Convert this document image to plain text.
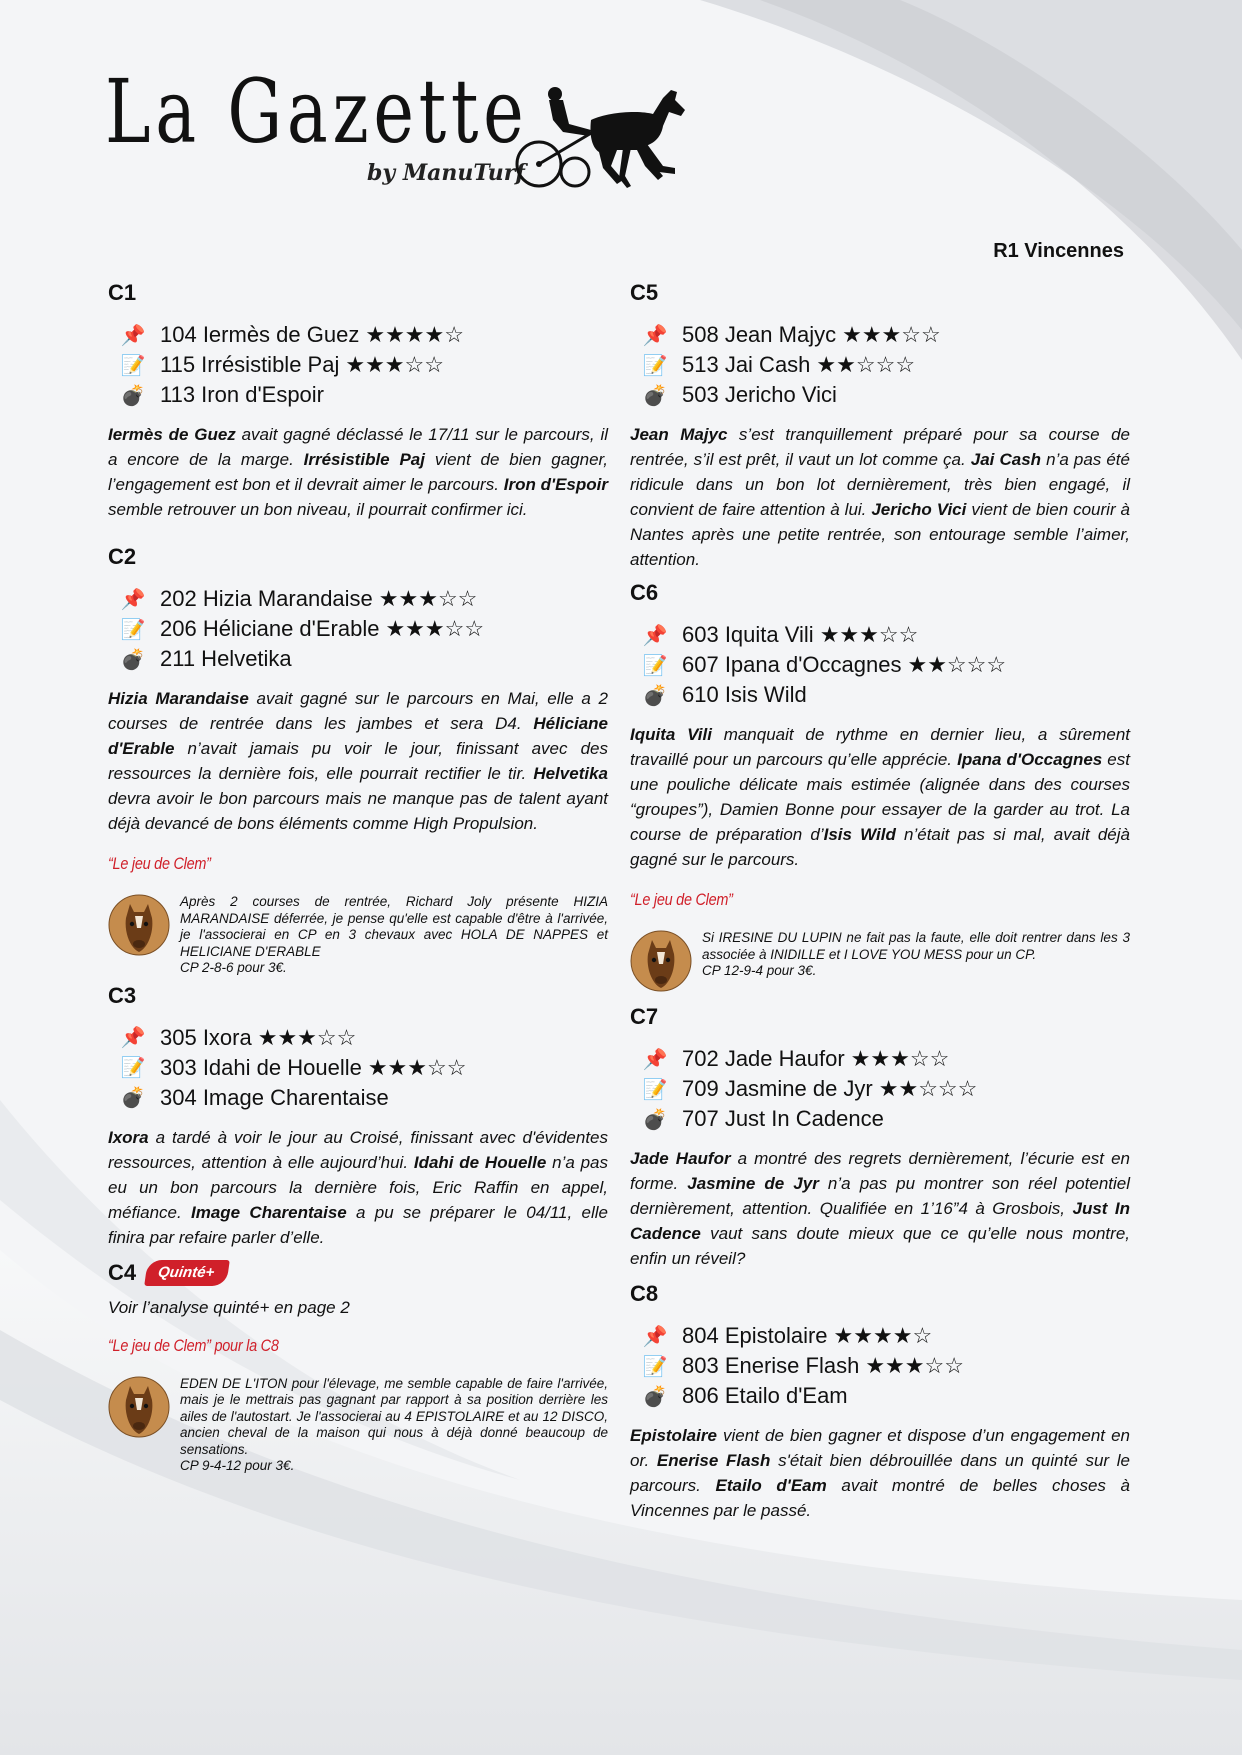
La Gazette
by ManuTurf
R1 Vincennes
C1
📌 104 Iermès de Guez ★★★★☆
📝 115 Irrésistible Paj ★★★☆☆
💣 113 Iron d'Espoir

Iermès de Guez avait gagné déclassé le 17/11 sur le parcours, il a encore de la marge. Irrésistible Paj vient de bien gagner, l’engagement est bon et il devrait aimer le parcours. Iron d'Espoir semble retrouver un bon niveau, il pourrait confirmer ici.

C2
📌 202 Hizia Marandaise ★★★☆☆
📝 206 Héliciane d'Erable ★★★☆☆
💣 211 Helvetika

Hizia Marandaise avait gagné sur le parcours en Mai, elle a 2 courses de rentrée dans les jambes et sera D4. Héliciane d'Erable n’avait jamais pu voir le jour, finissant avec des ressources la dernière fois, elle pourrait rectifier le tir. Helvetika devra avoir le bon parcours mais ne manque pas de talent ayant déjà devancé de bons éléments comme High Propulsion.

“Le jeu de Clem”
Après 2 courses de rentrée, Richard Joly présente HIZIA MARANDAISE déferrée, je pense qu'elle est capable d'être à l'arrivée, je l'associerai en CP en 3 chevaux avec HOLA DE NAPPES et HELICIANE D'ERABLE
CP 2-8-6 pour 3€.
C3
📌 305 Ixora ★★★☆☆
📝 303 Idahi de Houelle ★★★☆☆
💣 304 Image Charentaise

Ixora a tardé à voir le jour au Croisé, finissant avec d'évidentes ressources, attention à elle aujourd’hui. Idahi de Houelle n’a pas eu un bon parcours la dernière fois, Eric Raffin en appel, méfiance. Image Charentaise a pu se préparer le 04/11, elle finira par refaire parler d’elle.

C4	Quinté+
Voir l’analyse quinté+ en page 2
“Le jeu de Clem” pour la C8
EDEN DE L'ITON pour l'élevage, me semble capable de faire l'arrivée, mais je le mettrais pas gagnant par rapport à sa position derrière les ailes de l'autostart. Je l'associerai au 4 EPISTOLAIRE et au 12 DISCO, ancien cheval de la maison qui nous à déjà donné beaucoup de sensations.
CP 9-4-12 pour 3€.
C5
📌 508 Jean Majyc ★★★☆☆
📝 513 Jai Cash ★★☆☆☆
💣 503 Jericho Vici

Jean Majyc s’est tranquillement préparé pour sa course de rentrée, s’il est prêt, il vaut un lot comme ça. Jai Cash n’a pas été ridicule dans un bon lot dernièrement, très bien engagé, il convient de faire attention à lui. Jericho Vici vient de bien courir à Nantes après une petite rentrée, son entourage semble l’aimer, attention.

C6
📌 603 Iquita Vili ★★★☆☆
📝 607 Ipana d'Occagnes ★★☆☆☆
💣 610 Isis Wild

Iquita Vili manquait de rythme en dernier lieu, a sûrement travaillé pour un parcours qu’elle apprécie. Ipana d'Occagnes est une pouliche délicate mais estimée (alignée dans des courses “groupes”), Damien Bonne pour essayer de la garder au trot. La course de préparation d’Isis Wild n’était pas si mal, avait déjà gagné sur le parcours.

“Le jeu de Clem”
Si IRESINE DU LUPIN ne fait pas la faute, elle doit rentrer dans les 3 associée à INIDILLE et I LOVE YOU MESS pour un CP.
CP 12-9-4 pour 3€.
C7
📌 702 Jade Haufor ★★★☆☆
📝 709 Jasmine de Jyr ★★☆☆☆
💣 707 Just In Cadence

Jade Haufor a montré des regrets dernièrement, l’écurie est en forme. Jasmine de Jyr n’a pas pu montrer son réel potentiel dernièrement, attention. Qualifiée en 1’16”4 à Grosbois, Just In Cadence vaut sans doute mieux que ce qu’elle nous montre, enfin un réveil?

C8
📌 804 Epistolaire ★★★★☆
📝 803 Enerise Flash ★★★☆☆
💣 806 Etailo d'Eam

Epistolaire vient de bien gagner et dispose d’un engagement en or. Enerise Flash s'était bien débrouillée dans un quinté sur le parcours. Etailo d'Eam avait montré de belles choses à Vincennes par le passé.
